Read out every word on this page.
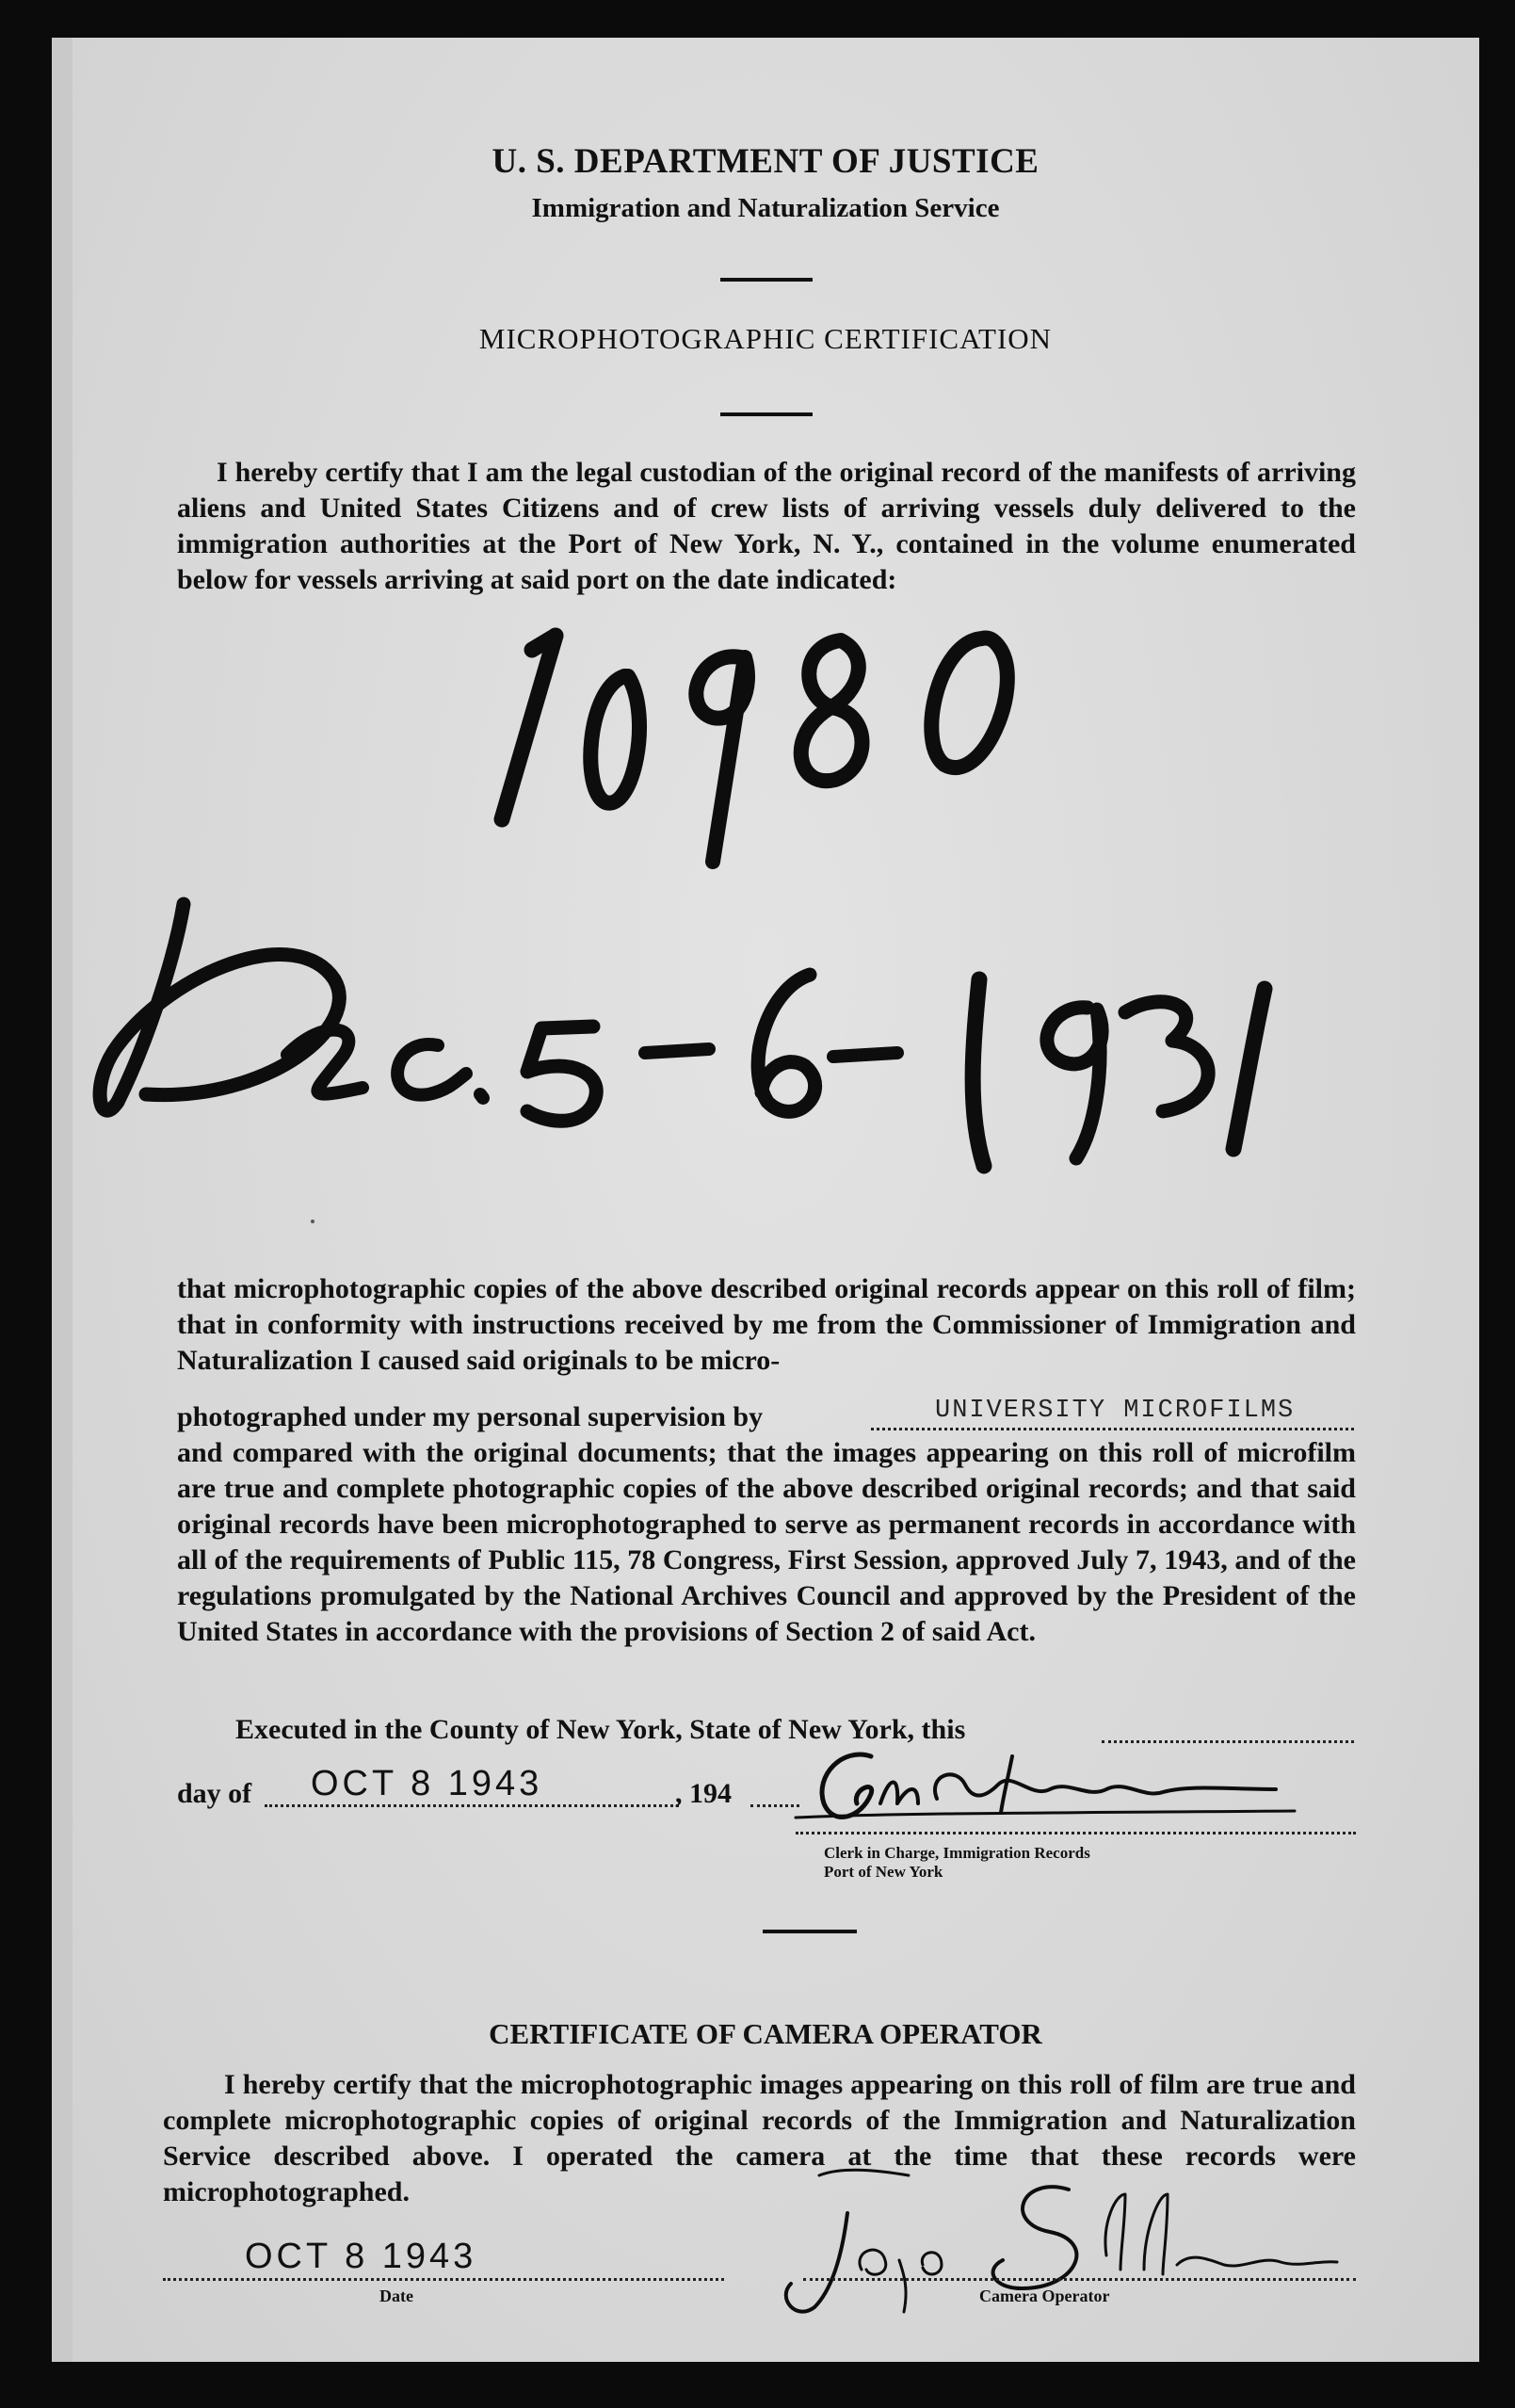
U. S. DEPARTMENT OF JUSTICE
Immigration and Naturalization Service
MICROPHOTOGRAPHIC CERTIFICATION

I hereby certify that I am the legal custodian of the original record of the manifests of arriving aliens and United States Citizens and of crew lists of arriving vessels duly delivered to the immigration authorities at the Port of New York, N. Y., contained in the volume enumerated below for vessels arriving at said port on the date indicated:

that microphotographic copies of the above described original records appear on this roll of film; that in conformity with instructions received by me from the Commissioner of Immigration and Naturalization I caused said originals to be micro-

photographed under my personal supervision by	UNIVERSITY MICROFILMS

and compared with the original documents; that the images appearing on this roll of microfilm are true and complete photographic copies of the above described original records; and that said original records have been microphotographed to serve as permanent records in accordance with all of the requirements of Public 115, 78 Congress, First Session, approved July 7, 1943, and of the regulations promulgated by the National Archives Council and approved by the President of the United States in accordance with the provisions of Section 2 of said Act.

Executed in the County of New York, State of New York, this
day of OCT 8 1943	, 194
Clerk in Charge, Immigration Records
Port of New York
CERTIFICATE OF CAMERA OPERATOR

I hereby certify that the microphotographic images appearing on this roll of film are true and complete microphotographic copies of original records of the Immigration and Naturalization Service described above. I operated the camera at the time that these records were microphotographed.

OCT 8 1943
Date	Camera Operator
